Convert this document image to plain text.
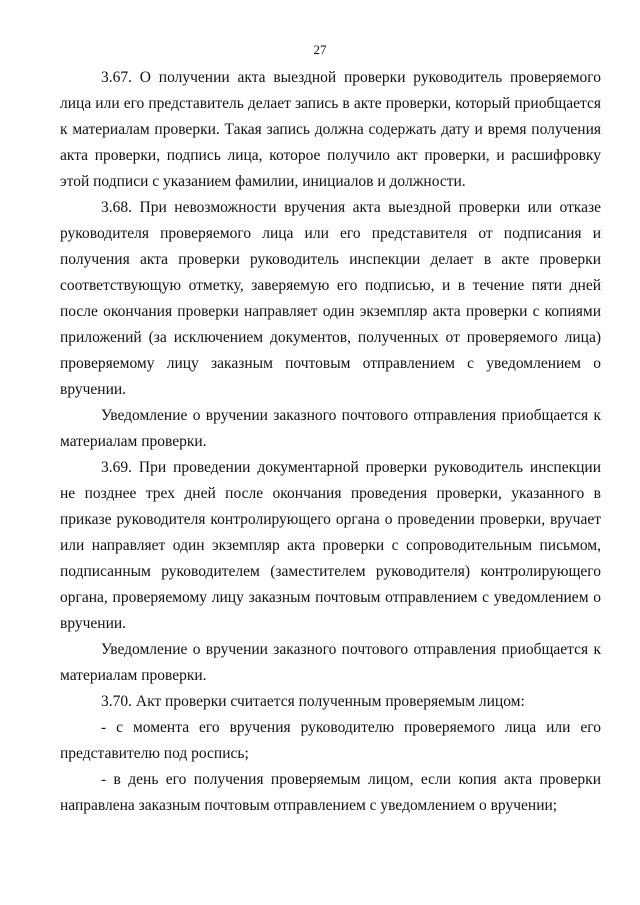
27

3.67. О получении акта выездной проверки руководитель проверяемого лица или его представитель делает запись в акте проверки, который приобщается к материалам проверки. Такая запись должна содержать дату и время получения акта проверки, подпись лица, которое получило акт проверки, и расшифровку этой подписи с указанием фамилии, инициалов и должности.

3.68. При невозможности вручения акта выездной проверки или отказе руководителя проверяемого лица или его представителя от подписания и получения акта проверки руководитель инспекции делает в акте проверки соответствующую отметку, заверяемую его подписью, и в течение пяти дней после окончания проверки направляет один экземпляр акта проверки с копиями приложений (за исключением документов, полученных от проверяемого лица) проверяемому лицу заказным почтовым отправлением с уведомлением о вручении.

Уведомление о вручении заказного почтового отправления приобщается к материалам проверки.

3.69. При проведении документарной проверки руководитель инспекции не позднее трех дней после окончания проведения проверки, указанного в приказе руководителя контролирующего органа о проведении проверки, вручает или направляет один экземпляр акта проверки с сопроводительным письмом, подписанным руководителем (заместителем руководителя) контролирующего органа, проверяемому лицу заказным почтовым отправлением с уведомлением о вручении.

Уведомление о вручении заказного почтового отправления приобщается к материалам проверки.

3.70. Акт проверки считается полученным проверяемым лицом:

- с момента его вручения руководителю проверяемого лица или его представителю под роспись;

- в день его получения проверяемым лицом, если копия акта проверки направлена заказным почтовым отправлением с уведомлением о вручении;
